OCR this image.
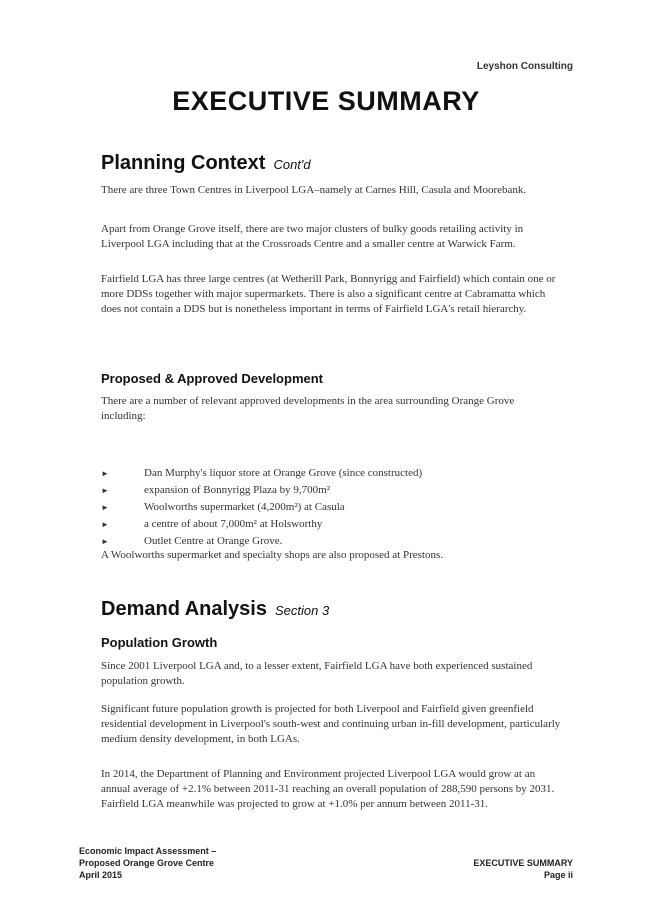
Leyshon Consulting
EXECUTIVE SUMMARY
Planning Context Cont'd

There are three Town Centres in Liverpool LGA–namely at Carnes Hill, Casula and Moorebank.

Apart from Orange Grove itself, there are two major clusters of bulky goods retailing activity in Liverpool LGA including that at the Crossroads Centre and a smaller centre at Warwick Farm.

Fairfield LGA has three large centres (at Wetherill Park, Bonnyrigg and Fairfield) which contain one or more DDSs together with major supermarkets. There is also a significant centre at Cabramatta which does not contain a DDS but is nonetheless important in terms of Fairfield LGA's retail hierarchy.

Proposed & Approved Development

There are a number of relevant approved developments in the area surrounding Orange Grove including:

►	Dan Murphy's liquor store at Orange Grove (since constructed)
►	expansion of Bonnyrigg Plaza by 9,700m²
►	Woolworths supermarket (4,200m²) at Casula
►	a centre of about 7,000m² at Holsworthy
►	Outlet Centre at Orange Grove.

A Woolworths supermarket and specialty shops are also proposed at Prestons.

Demand Analysis Section 3
Population Growth

Since 2001 Liverpool LGA and, to a lesser extent, Fairfield LGA have both experienced sustained population growth.

Significant future population growth is projected for both Liverpool and Fairfield given greenfield residential development in Liverpool's south-west and continuing urban in-fill development, particularly medium density development, in both LGAs.

In 2014, the Department of Planning and Environment projected Liverpool LGA would grow at an annual average of +2.1% between 2011-31 reaching an overall population of 288,590 persons by 2031. Fairfield LGA meanwhile was projected to grow at +1.0% per annum between 2011-31.

Economic Impact Assessment –
Proposed Orange Grove Centre
April 2015
EXECUTIVE SUMMARY
Page ii
